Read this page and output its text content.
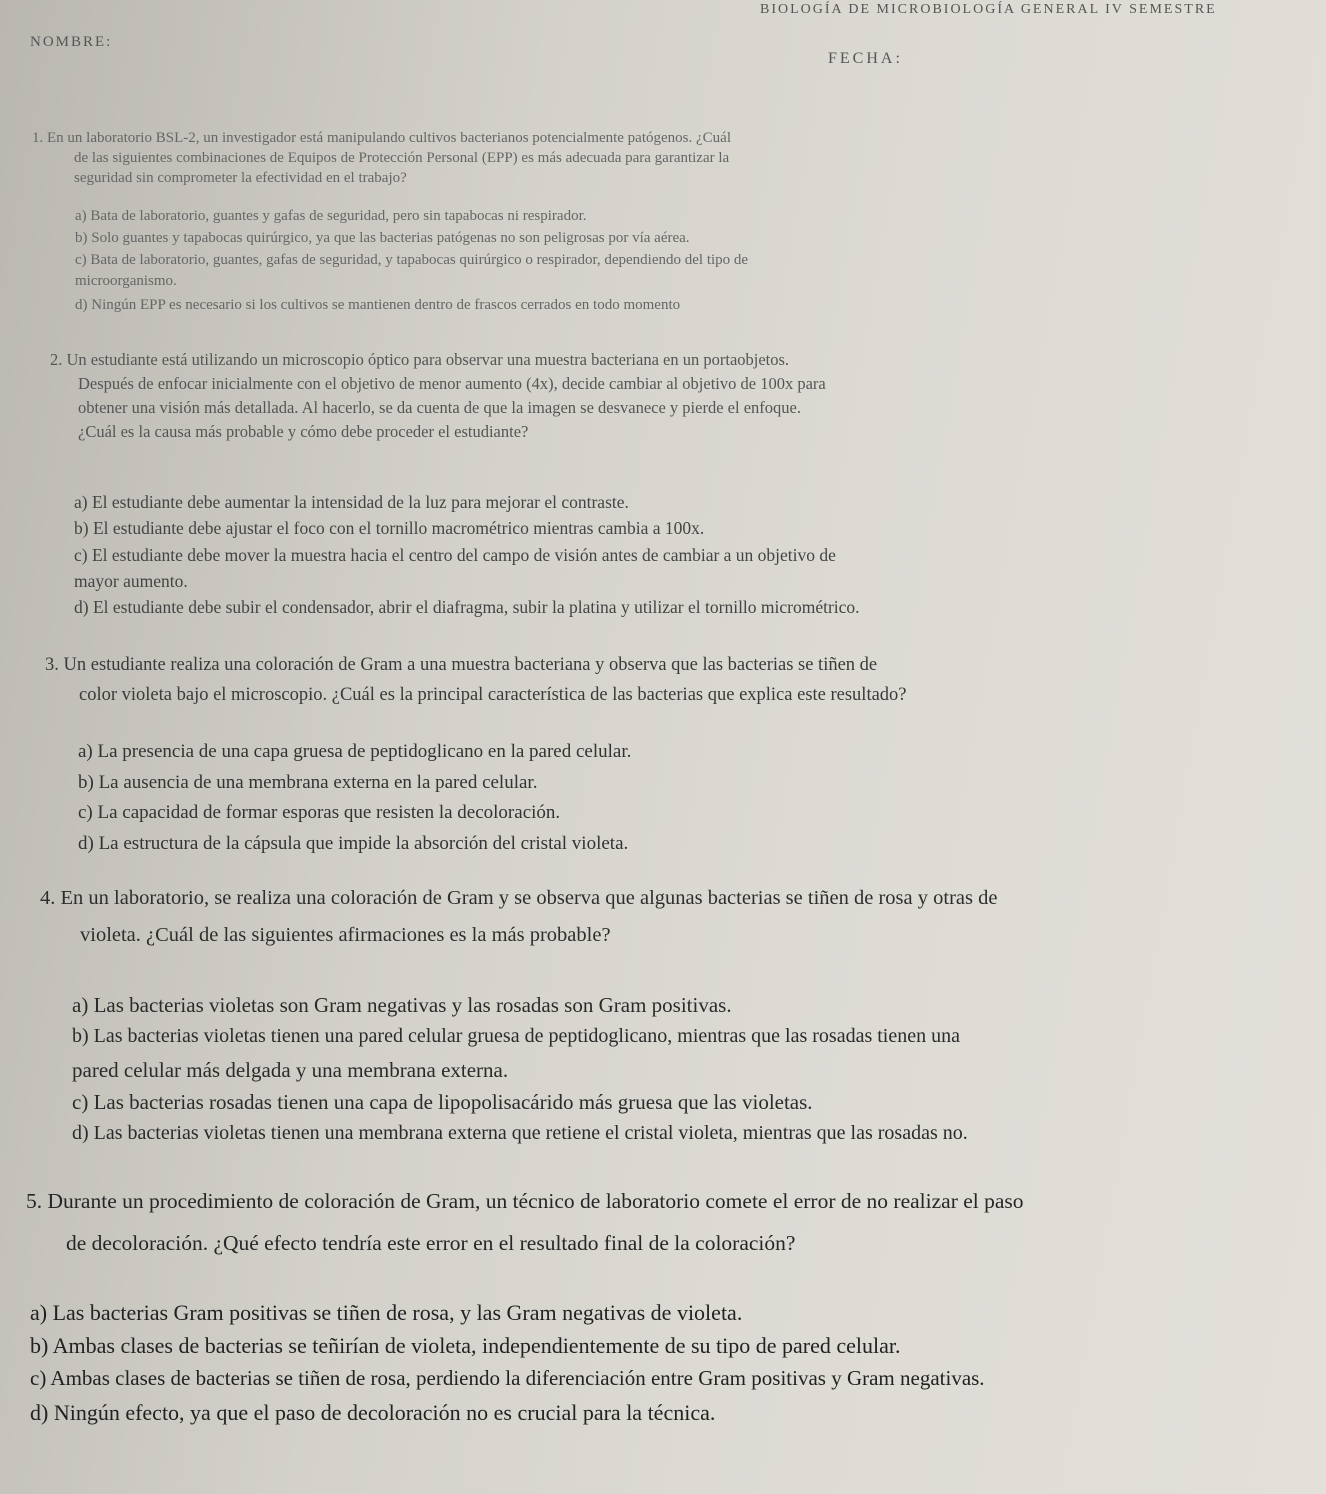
BIOLOGÍA DE MICROBIOLOGÍA GENERAL IV SEMESTRE
NOMBRE:
FECHA:
1. En un laboratorio BSL-2, un investigador está manipulando cultivos bacterianos potencialmente patógenos. ¿Cuál
de las siguientes combinaciones de Equipos de Protección Personal (EPP) es más adecuada para garantizar la
seguridad sin comprometer la efectividad en el trabajo?
a) Bata de laboratorio, guantes y gafas de seguridad, pero sin tapabocas ni respirador.
b) Solo guantes y tapabocas quirúrgico, ya que las bacterias patógenas no son peligrosas por vía aérea.
c) Bata de laboratorio, guantes, gafas de seguridad, y tapabocas quirúrgico o respirador, dependiendo del tipo de
microorganismo.
d) Ningún EPP es necesario si los cultivos se mantienen dentro de frascos cerrados en todo momento
2. Un estudiante está utilizando un microscopio óptico para observar una muestra bacteriana en un portaobjetos.
Después de enfocar inicialmente con el objetivo de menor aumento (4x), decide cambiar al objetivo de 100x para
obtener una visión más detallada. Al hacerlo, se da cuenta de que la imagen se desvanece y pierde el enfoque.
¿Cuál es la causa más probable y cómo debe proceder el estudiante?
a) El estudiante debe aumentar la intensidad de la luz para mejorar el contraste.
b) El estudiante debe ajustar el foco con el tornillo macrométrico mientras cambia a 100x.
c) El estudiante debe mover la muestra hacia el centro del campo de visión antes de cambiar a un objetivo de
mayor aumento.
d) El estudiante debe subir el condensador, abrir el diafragma, subir la platina y utilizar el tornillo micrométrico.
3. Un estudiante realiza una coloración de Gram a una muestra bacteriana y observa que las bacterias se tiñen de
color violeta bajo el microscopio. ¿Cuál es la principal característica de las bacterias que explica este resultado?
a) La presencia de una capa gruesa de peptidoglicano en la pared celular.
b) La ausencia de una membrana externa en la pared celular.
c) La capacidad de formar esporas que resisten la decoloración.
d) La estructura de la cápsula que impide la absorción del cristal violeta.
4. En un laboratorio, se realiza una coloración de Gram y se observa que algunas bacterias se tiñen de rosa y otras de
violeta. ¿Cuál de las siguientes afirmaciones es la más probable?
a) Las bacterias violetas son Gram negativas y las rosadas son Gram positivas.
b) Las bacterias violetas tienen una pared celular gruesa de peptidoglicano, mientras que las rosadas tienen una
pared celular más delgada y una membrana externa.
c) Las bacterias rosadas tienen una capa de lipopolisacárido más gruesa que las violetas.
d) Las bacterias violetas tienen una membrana externa que retiene el cristal violeta, mientras que las rosadas no.
5. Durante un procedimiento de coloración de Gram, un técnico de laboratorio comete el error de no realizar el paso
de decoloración. ¿Qué efecto tendría este error en el resultado final de la coloración?
a) Las bacterias Gram positivas se tiñen de rosa, y las Gram negativas de violeta.
b) Ambas clases de bacterias se teñirían de violeta, independientemente de su tipo de pared celular.
c) Ambas clases de bacterias se tiñen de rosa, perdiendo la diferenciación entre Gram positivas y Gram negativas.
d) Ningún efecto, ya que el paso de decoloración no es crucial para la técnica.
